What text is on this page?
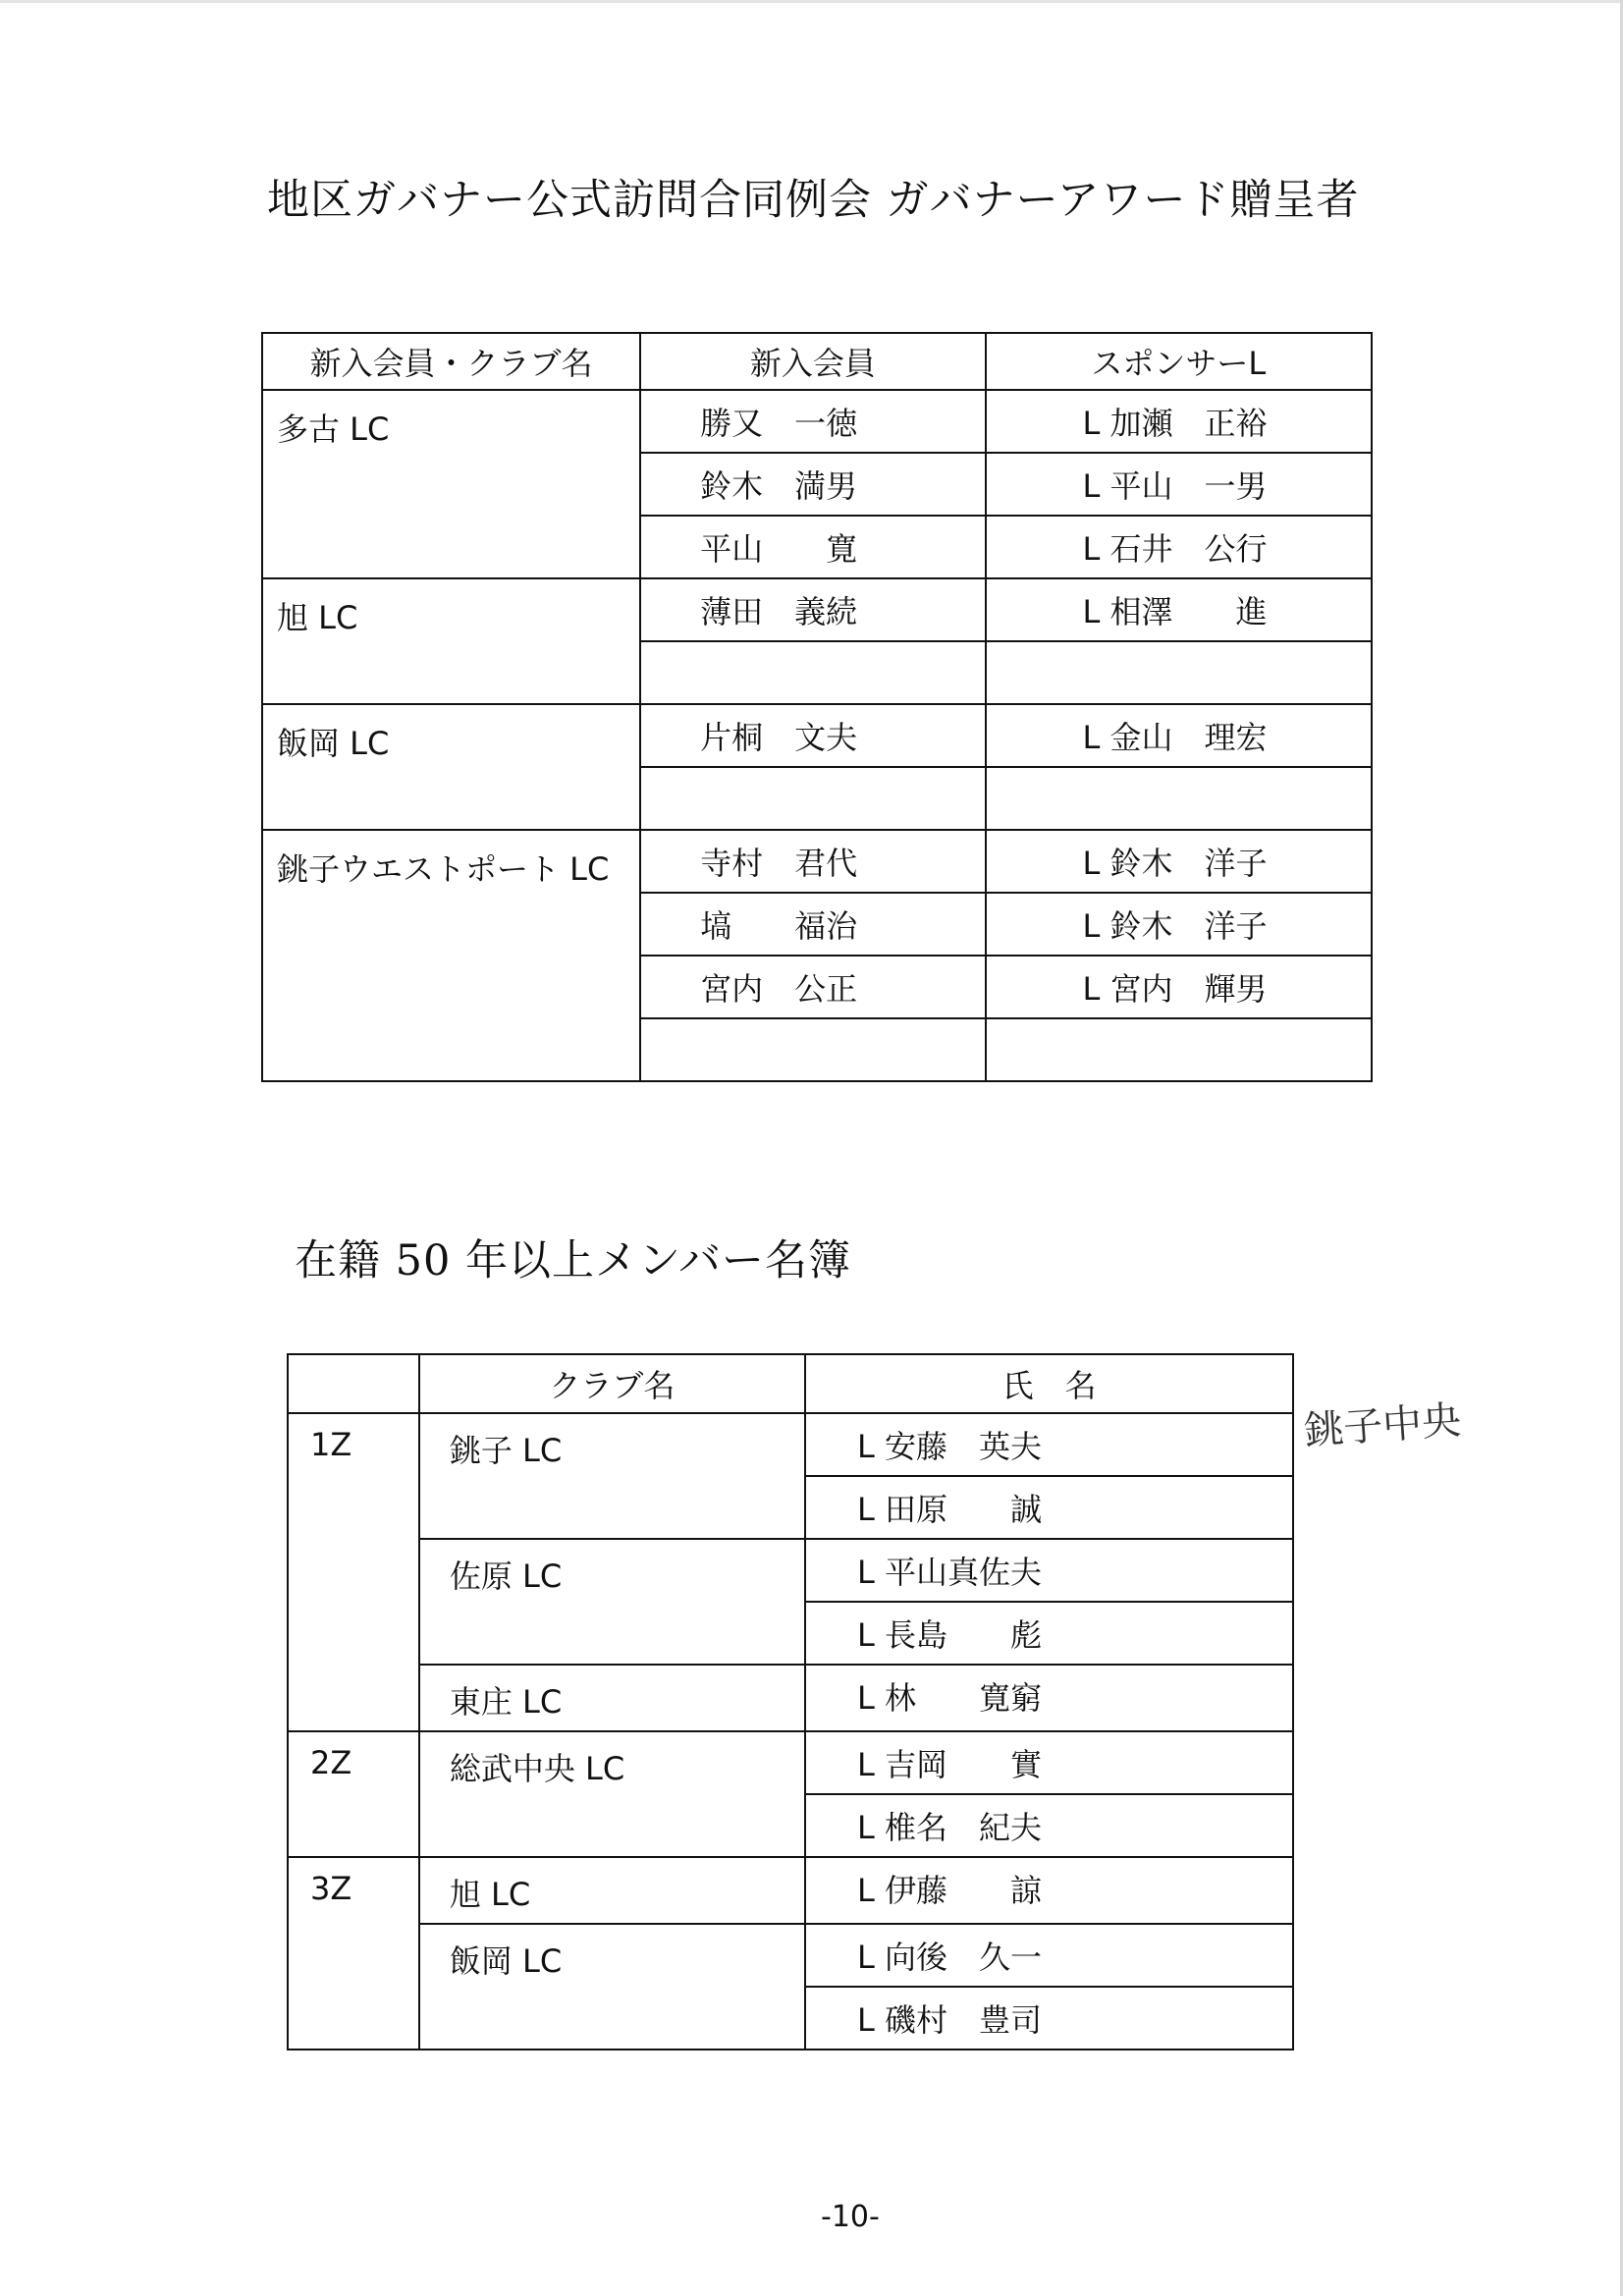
地区ガバナー公式訪問合同例会 ガバナーアワード贈呈者
新入会員・クラブ名	新入会員	スポンサーL
多古 LC	勝又　一徳	L 加瀬　正裕
	鈴木　満男	L 平山　一男
	平山　　寛	L 石井　公行
旭 LC	薄田　義続	L 相澤　　進

飯岡 LC	片桐　文夫	L 金山　理宏

銚子ウエストポート LC	寺村　君代	L 鈴木　洋子
	塙　　福治	L 鈴木　洋子
	宮内　公正	L 宮内　輝男

在籍 50 年以上メンバー名簿
	クラブ名	氏　名
1Z	銚子 LC	L 安藤　英夫
		L 田原　　誠
	佐原 LC	L 平山真佐夫
		L 長島　　彪
	東庄 LC	L 林　　寛窮
2Z	総武中央 LC	L 吉岡　　實
		L 椎名　紀夫
3Z	旭 LC	L 伊藤　　諒
	飯岡 LC	L 向後　久一
		L 磯村　豊司
銚子中央
-10-
